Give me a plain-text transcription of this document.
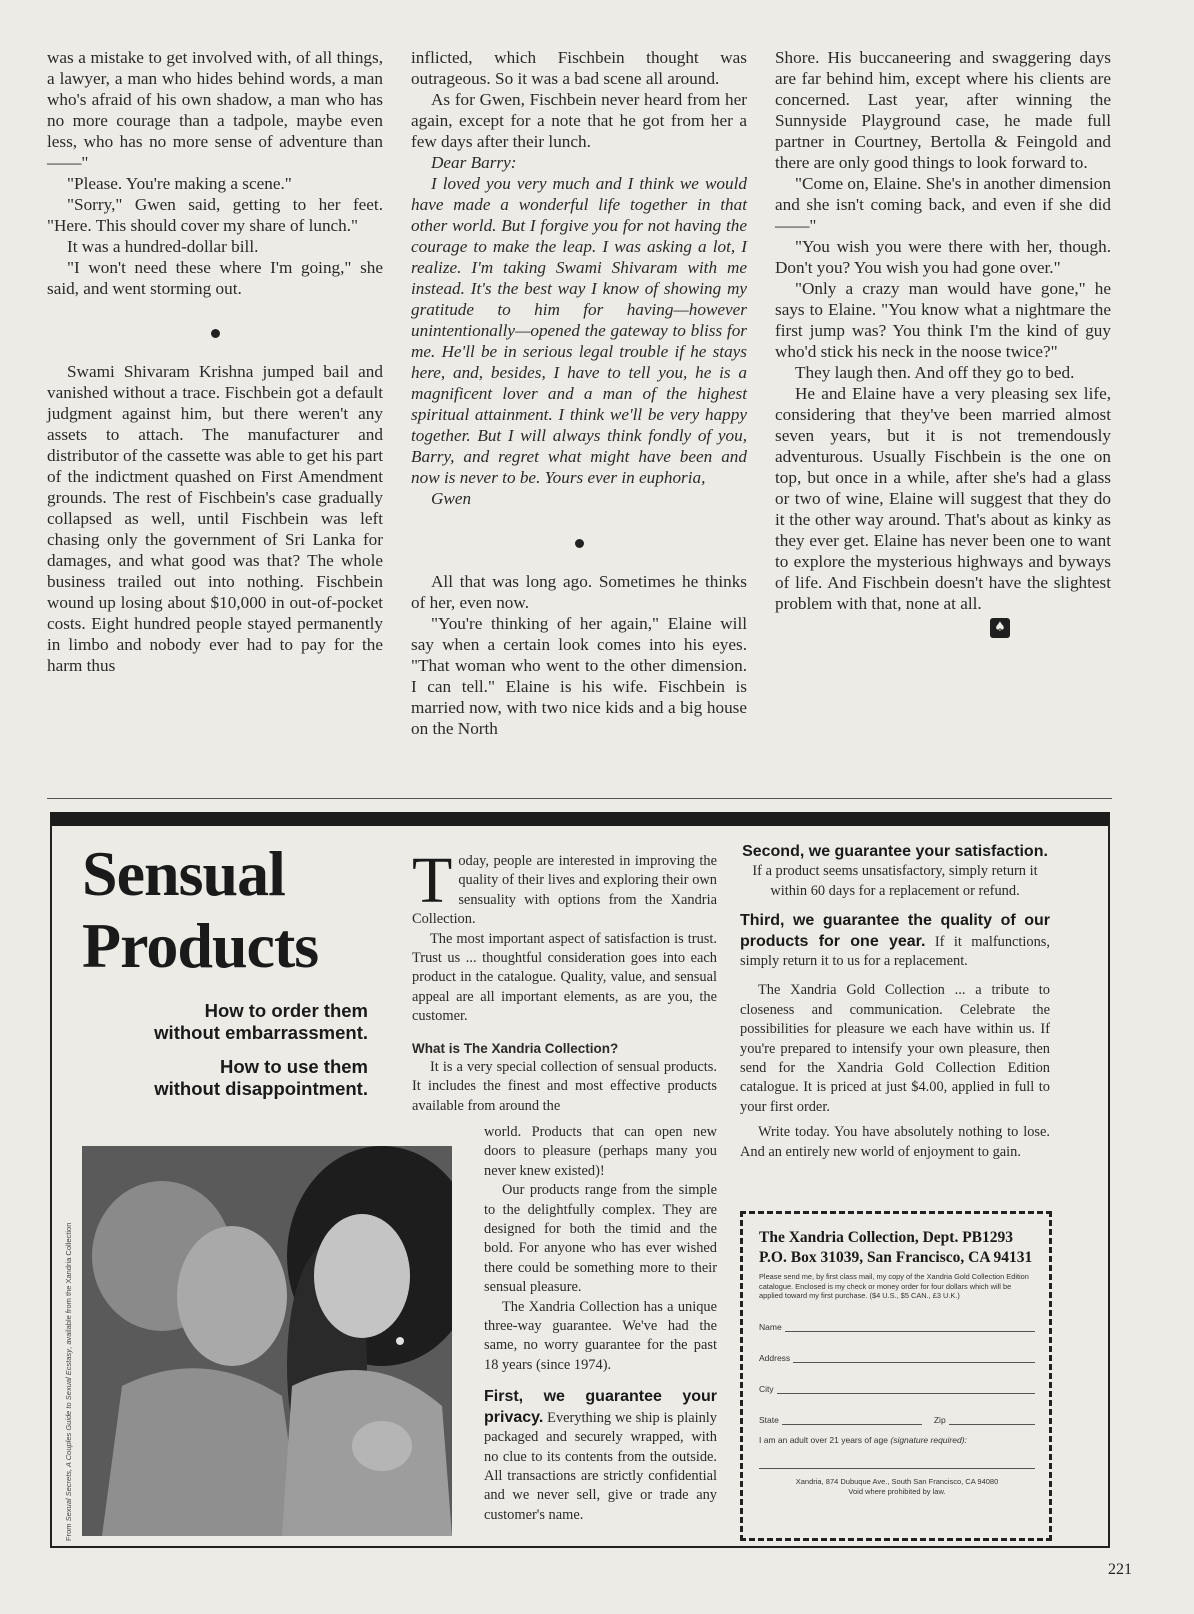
was a mistake to get involved with, of all things, a lawyer, a man who hides behind words, a man who's afraid of his own shadow, a man who has no more courage than a tadpole, maybe even less, who has no more sense of adventure than——"

"Please. You're making a scene."

"Sorry," Gwen said, getting to her feet. "Here. This should cover my share of lunch."

It was a hundred-dollar bill.

"I won't need these where I'm going," she said, and went storming out.

Swami Shivaram Krishna jumped bail and vanished without a trace. Fischbein got a default judgment against him, but there weren't any assets to attach. The manufacturer and distributor of the cassette was able to get his part of the indictment quashed on First Amendment grounds. The rest of Fischbein's case gradually collapsed as well, until Fischbein was left chasing only the government of Sri Lanka for damages, and what good was that? The whole business trailed out into nothing. Fischbein wound up losing about $10,000 in out-of-pocket costs. Eight hundred people stayed permanently in limbo and nobody ever had to pay for the harm thus

inflicted, which Fischbein thought was outrageous. So it was a bad scene all around.

As for Gwen, Fischbein never heard from her again, except for a note that he got from her a few days after their lunch.

Dear Barry:

I loved you very much and I think we would have made a wonderful life together in that other world. But I forgive you for not having the courage to make the leap. I was asking a lot, I realize. I'm taking Swami Shivaram with me instead. It's the best way I know of showing my gratitude to him for having—however unintentionally—opened the gateway to bliss for me. He'll be in serious legal trouble if he stays here, and, besides, I have to tell you, he is a magnificent lover and a man of the highest spiritual attainment. I think we'll be very happy together. But I will always think fondly of you, Barry, and regret what might have been and now is never to be. Yours ever in euphoria,

Gwen

All that was long ago. Sometimes he thinks of her, even now.

"You're thinking of her again," Elaine will say when a certain look comes into his eyes. "That woman who went to the other dimension. I can tell." Elaine is his wife. Fischbein is married now, with two nice kids and a big house on the North

Shore. His buccaneering and swaggering days are far behind him, except where his clients are concerned. Last year, after winning the Sunnyside Playground case, he made full partner in Courtney, Bertolla & Feingold and there are only good things to look forward to.

"Come on, Elaine. She's in another dimension and she isn't coming back, and even if she did——"

"You wish you were there with her, though. Don't you? You wish you had gone over."

"Only a crazy man would have gone," he says to Elaine. "You know what a nightmare the first jump was? You think I'm the kind of guy who'd stick his neck in the noose twice?"

They laugh then. And off they go to bed.

He and Elaine have a very pleasing sex life, considering that they've been married almost seven years, but it is not tremendously adventurous. Usually Fischbein is the one on top, but once in a while, after she's had a glass or two of wine, Elaine will suggest that they do it the other way around. That's about as kinky as they ever get. Elaine has never been one to want to explore the mysterious highways and byways of life. And Fischbein doesn't have the slightest problem with that, none at all.

♠
Sensual
Products
How to order them
without embarrassment.
How to use them
without disappointment.
From Sexual Secrets, A Couples Guide to Sexual Ecstasy, available from the Xandria Collection

Today, people are interested in improving the quality of their lives and exploring their own sensuality with options from the Xandria Collection.

The most important aspect of satisfaction is trust. Trust us ... thoughtful consideration goes into each product in the catalogue. Quality, value, and sensual appeal are all important elements, as are you, the customer.

What is The Xandria Collection?

It is a very special collection of sensual products. It includes the finest and most effective products available from around the

world. Products that can open new doors to pleasure (perhaps many you never knew existed)!

Our products range from the simple to the delightfully complex. They are designed for both the timid and the bold. For anyone who has ever wished there could be something more to their sensual pleasure.

The Xandria Collection has a unique three-way guarantee. We've had the same, no worry guarantee for the past 18 years (since 1974).

First, we guarantee your privacy. Everything we ship is plainly packaged and securely wrapped, with no clue to its contents from the outside. All transactions are strictly confidential and we never sell, give or trade any customer's name.

Second, we guarantee your satisfaction.
If a product seems unsatisfactory, simply return it within 60 days for a replacement or refund.

Third, we guarantee the quality of our products for one year. If it malfunctions, simply return it to us for a replacement.

The Xandria Gold Collection ... a tribute to closeness and communication. Celebrate the possibilities for pleasure we each have within us. If you're prepared to intensify your own pleasure, then send for the Xandria Gold Collection Edition catalogue. It is priced at just $4.00, applied in full to your first order.

Write today. You have absolutely nothing to lose. And an entirely new world of enjoyment to gain.

The Xandria Collection, Dept. PB1293
P.O. Box 31039, San Francisco, CA 94131
Please send me, by first class mail, my copy of the Xandria Gold Collection Edition catalogue. Enclosed is my check or money order for four dollars which will be applied toward my first purchase. ($4 U.S., $5 CAN., £3 U.K.)
Name
Address
City
State	Zip
I am an adult over 21 years of age (signature required):
Xandria, 874 Dubuque Ave., South San Francisco, CA 94080
Void where prohibited by law.
221
